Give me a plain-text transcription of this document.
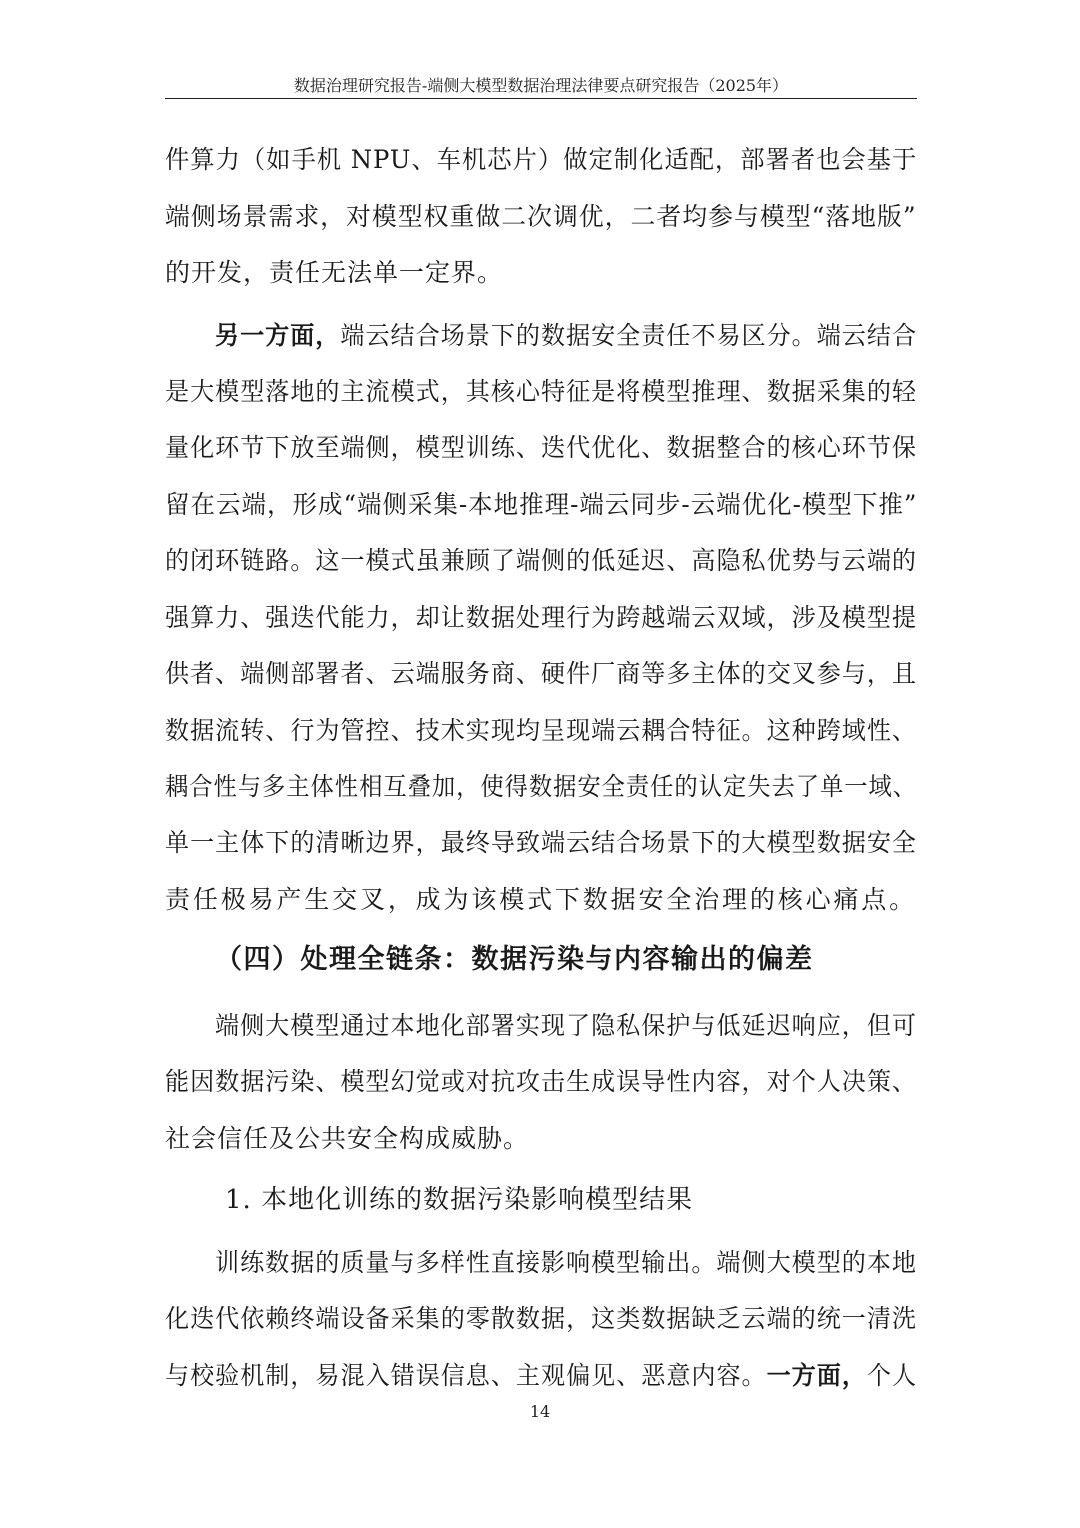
数据治理研究报告-端侧大模型数据治理法律要点研究报告（2025年）
件算力（如手机 NPU、车机芯片）做定制化适配，部署者也会基于
端侧场景需求，对模型权重做二次调优，二者均参与模型“落地版”
的开发，责任无法单一定界。
另一方面，端云结合场景下的数据安全责任不易区分。端云结合
是大模型落地的主流模式，其核心特征是将模型推理、数据采集的轻
量化环节下放至端侧，模型训练、迭代优化、数据整合的核心环节保
留在云端，形成“端侧采集-本地推理-端云同步-云端优化-模型下推”
的闭环链路。这一模式虽兼顾了端侧的低延迟、高隐私优势与云端的
强算力、强迭代能力，却让数据处理行为跨越端云双域，涉及模型提
供者、端侧部署者、云端服务商、硬件厂商等多主体的交叉参与，且
数据流转、行为管控、技术实现均呈现端云耦合特征。这种跨域性、
耦合性与多主体性相互叠加，使得数据安全责任的认定失去了单一域、
单一主体下的清晰边界，最终导致端云结合场景下的大模型数据安全
责任极易产生交叉，成为该模式下数据安全治理的核心痛点。
（四）处理全链条：数据污染与内容输出的偏差
端侧大模型通过本地化部署实现了隐私保护与低延迟响应，但可
能因数据污染、模型幻觉或对抗攻击生成误导性内容，对个人决策、
社会信任及公共安全构成威胁。
1. 本地化训练的数据污染影响模型结果
训练数据的质量与多样性直接影响模型输出。端侧大模型的本地
化迭代依赖终端设备采集的零散数据，这类数据缺乏云端的统一清洗
与校验机制，易混入错误信息、主观偏见、恶意内容。一方面，个人
14
